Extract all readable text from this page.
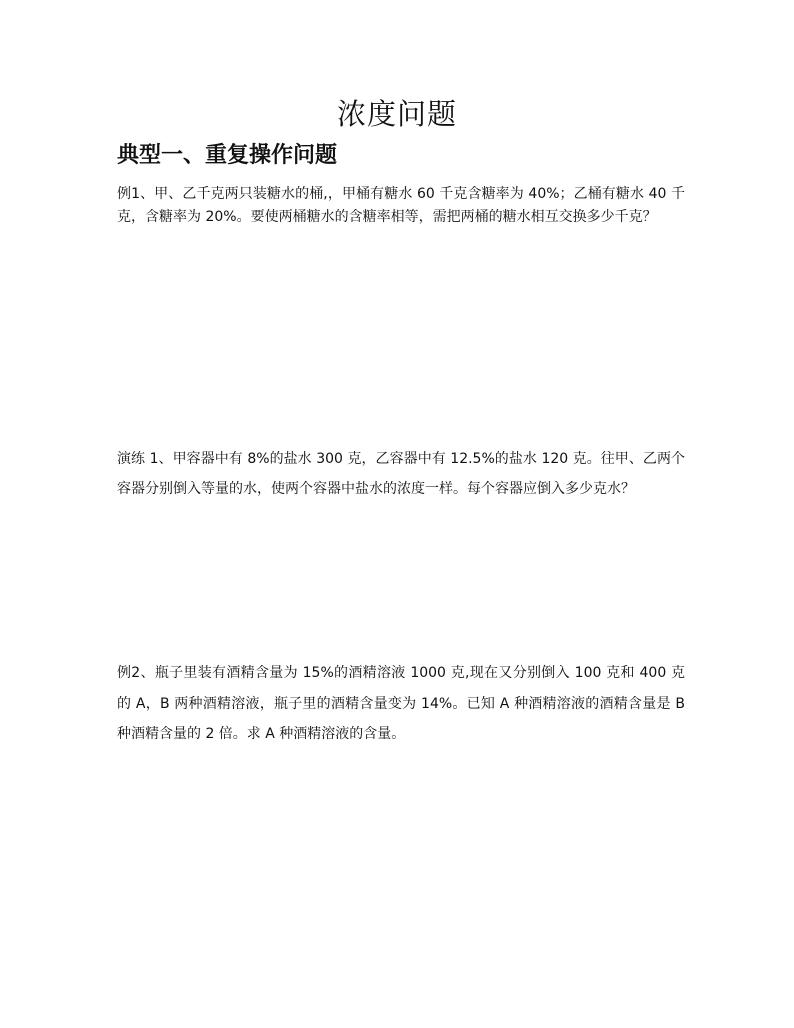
浓度问题
典型一、重复操作问题

例1、甲、乙千克两只装糖水的桶,，甲桶有糖水 60 千克含糖率为 40%；乙桶有糖水 40 千克，含糖率为 20%。要使两桶糖水的含糖率相等，需把两桶的糖水相互交换多少千克？

演练 1、甲容器中有 8%的盐水 300 克，乙容器中有 12.5%的盐水 120 克。往甲、乙两个容器分别倒入等量的水，使两个容器中盐水的浓度一样。每个容器应倒入多少克水？

例2、瓶子里装有酒精含量为 15%的酒精溶液 1000 克,现在又分别倒入 100 克和 400 克的 A，B 两种酒精溶液，瓶子里的酒精含量变为 14%。已知 A 种酒精溶液的酒精含量是 B 种酒精含量的 2 倍。求 A 种酒精溶液的含量。
